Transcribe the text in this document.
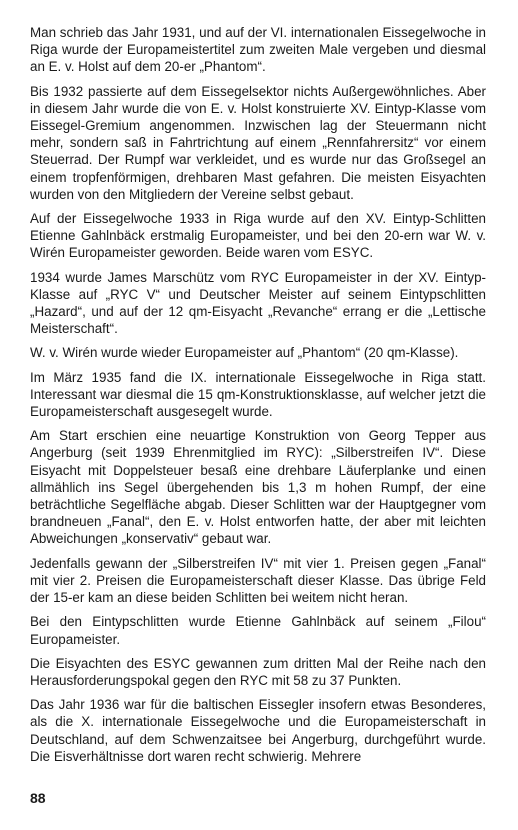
Man schrieb das Jahr 1931, und auf der VI. internationalen Eissegelwoche in Riga wurde der Europameistertitel zum zweiten Male vergeben und diesmal an E. v. Holst auf dem 20-er „Phantom“.

Bis 1932 passierte auf dem Eissegelsektor nichts Außergewöhnliches. Aber in diesem Jahr wurde die von E. v. Holst konstruierte XV. Eintyp-Klasse vom Eissegel-Gremium angenommen. Inzwischen lag der Steuermann nicht mehr, sondern saß in Fahrtrichtung auf einem „Rennfahrersitz“ vor einem Steuerrad. Der Rumpf war verkleidet, und es wurde nur das Großsegel an einem tropfenförmigen, drehbaren Mast gefahren. Die meisten Eisyachten wurden von den Mitgliedern der Vereine selbst gebaut.

Auf der Eissegelwoche 1933 in Riga wurde auf den XV. Eintyp-Schlitten Etienne Gahlnbäck erstmalig Europameister, und bei den 20-ern war W. v. Wirén Europameister geworden. Beide waren vom ESYC.

1934 wurde James Marschütz vom RYC Europameister in der XV. Eintyp-Klasse auf „RYC V“ und Deutscher Meister auf seinem Eintypschlitten „Hazard“, und auf der 12 qm-Eisyacht „Revanche“ errang er die „Lettische Meisterschaft“.

W. v. Wirén wurde wieder Europameister auf „Phantom“ (20 qm-Klasse).

Im März 1935 fand die IX. internationale Eissegelwoche in Riga statt. Interessant war diesmal die 15 qm-Konstruktionsklasse, auf welcher jetzt die Europameisterschaft ausgesegelt wurde.

Am Start erschien eine neuartige Konstruktion von Georg Tepper aus Angerburg (seit 1939 Ehrenmitglied im RYC): „Silberstreifen IV“. Diese Eisyacht mit Doppelsteuer besaß eine drehbare Läuferplanke und einen allmählich ins Segel übergehenden bis 1,3 m hohen Rumpf, der eine beträchtliche Segelfläche abgab. Dieser Schlitten war der Hauptgegner vom brandneuen „Fanal“, den E. v. Holst entworfen hatte, der aber mit leichten Abweichungen „konservativ“ gebaut war.

Jedenfalls gewann der „Silberstreifen IV“ mit vier 1. Preisen gegen „Fanal“ mit vier 2. Preisen die Europameisterschaft dieser Klasse. Das übrige Feld der 15-er kam an diese beiden Schlitten bei weitem nicht heran.

Bei den Eintypschlitten wurde Etienne Gahlnbäck auf seinem „Filou“ Europameister.

Die Eisyachten des ESYC gewannen zum dritten Mal der Reihe nach den Herausforderungspokal gegen den RYC mit 58 zu 37 Punkten.

Das Jahr 1936 war für die baltischen Eissegler insofern etwas Besonderes, als die X. internationale Eissegelwoche und die Europameisterschaft in Deutschland, auf dem Schwenzaitsee bei Angerburg, durchgeführt wurde. Die Eisverhältnisse dort waren recht schwierig. Mehrere

88
